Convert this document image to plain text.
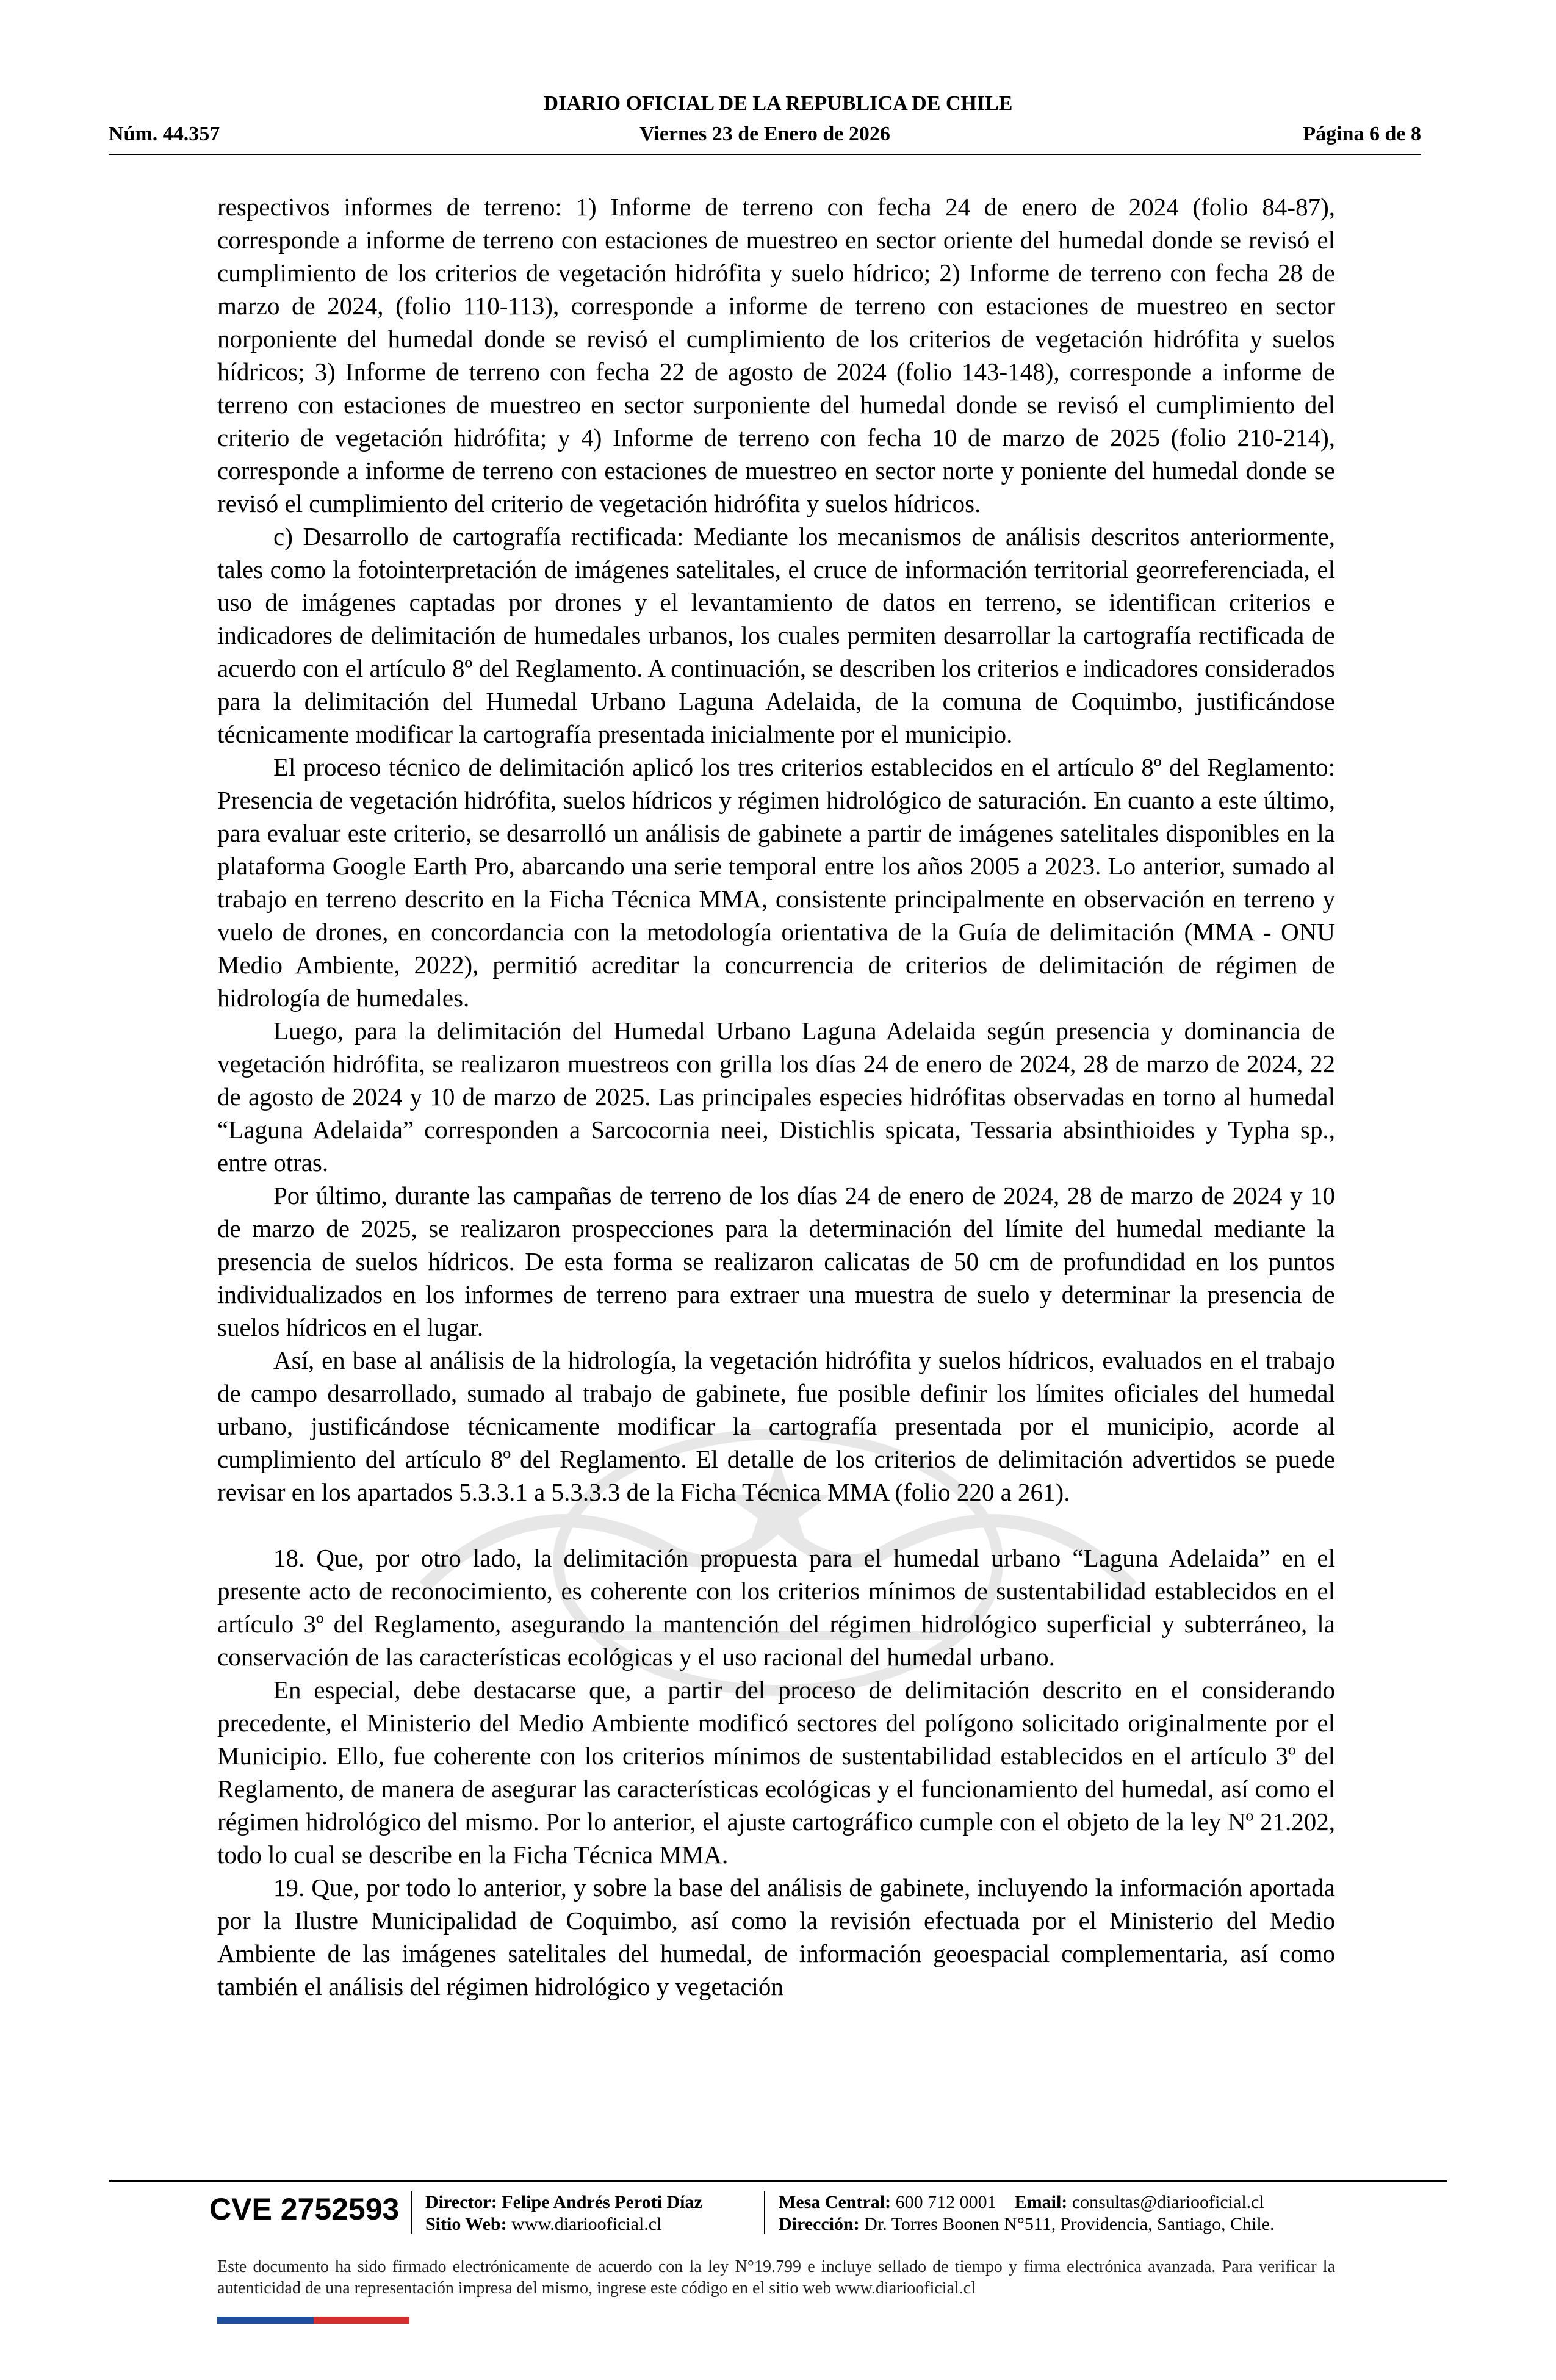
DIARIO OFICIAL DE LA REPUBLICA DE CHILE
Núm. 44.357	Viernes 23 de Enero de 2026	Página 6 de 8

respectivos informes de terreno: 1) Informe de terreno con fecha 24 de enero de 2024 (folio 84-87), corresponde a informe de terreno con estaciones de muestreo en sector oriente del humedal donde se revisó el cumplimiento de los criterios de vegetación hidrófita y suelo hídrico; 2) Informe de terreno con fecha 28 de marzo de 2024, (folio 110-113), corresponde a informe de terreno con estaciones de muestreo en sector norponiente del humedal donde se revisó el cumplimiento de los criterios de vegetación hidrófita y suelos hídricos; 3) Informe de terreno con fecha 22 de agosto de 2024 (folio 143-148), corresponde a informe de terreno con estaciones de muestreo en sector surponiente del humedal donde se revisó el cumplimiento del criterio de vegetación hidrófita; y 4) Informe de terreno con fecha 10 de marzo de 2025 (folio 210-214), corresponde a informe de terreno con estaciones de muestreo en sector norte y poniente del humedal donde se revisó el cumplimiento del criterio de vegetación hidrófita y suelos hídricos.

c) Desarrollo de cartografía rectificada: Mediante los mecanismos de análisis descritos anteriormente, tales como la fotointerpretación de imágenes satelitales, el cruce de información territorial georreferenciada, el uso de imágenes captadas por drones y el levantamiento de datos en terreno, se identifican criterios e indicadores de delimitación de humedales urbanos, los cuales permiten desarrollar la cartografía rectificada de acuerdo con el artículo 8º del Reglamento. A continuación, se describen los criterios e indicadores considerados para la delimitación del Humedal Urbano Laguna Adelaida, de la comuna de Coquimbo, justificándose técnicamente modificar la cartografía presentada inicialmente por el municipio.

El proceso técnico de delimitación aplicó los tres criterios establecidos en el artículo 8º del Reglamento: Presencia de vegetación hidrófita, suelos hídricos y régimen hidrológico de saturación. En cuanto a este último, para evaluar este criterio, se desarrolló un análisis de gabinete a partir de imágenes satelitales disponibles en la plataforma Google Earth Pro, abarcando una serie temporal entre los años 2005 a 2023. Lo anterior, sumado al trabajo en terreno descrito en la Ficha Técnica MMA, consistente principalmente en observación en terreno y vuelo de drones, en concordancia con la metodología orientativa de la Guía de delimitación (MMA - ONU Medio Ambiente, 2022), permitió acreditar la concurrencia de criterios de delimitación de régimen de hidrología de humedales.

Luego, para la delimitación del Humedal Urbano Laguna Adelaida según presencia y dominancia de vegetación hidrófita, se realizaron muestreos con grilla los días 24 de enero de 2024, 28 de marzo de 2024, 22 de agosto de 2024 y 10 de marzo de 2025. Las principales especies hidrófitas observadas en torno al humedal “Laguna Adelaida” corresponden a Sarcocornia neei, Distichlis spicata, Tessaria absinthioides y Typha sp., entre otras.

Por último, durante las campañas de terreno de los días 24 de enero de 2024, 28 de marzo de 2024 y 10 de marzo de 2025, se realizaron prospecciones para la determinación del límite del humedal mediante la presencia de suelos hídricos. De esta forma se realizaron calicatas de 50 cm de profundidad en los puntos individualizados en los informes de terreno para extraer una muestra de suelo y determinar la presencia de suelos hídricos en el lugar.

Así, en base al análisis de la hidrología, la vegetación hidrófita y suelos hídricos, evaluados en el trabajo de campo desarrollado, sumado al trabajo de gabinete, fue posible definir los límites oficiales del humedal urbano, justificándose técnicamente modificar la cartografía presentada por el municipio, acorde al cumplimiento del artículo 8º del Reglamento. El detalle de los criterios de delimitación advertidos se puede revisar en los apartados 5.3.3.1 a 5.3.3.3 de la Ficha Técnica MMA (folio 220 a 261).

18. Que, por otro lado, la delimitación propuesta para el humedal urbano “Laguna Adelaida” en el presente acto de reconocimiento, es coherente con los criterios mínimos de sustentabilidad establecidos en el artículo 3º del Reglamento, asegurando la mantención del régimen hidrológico superficial y subterráneo, la conservación de las características ecológicas y el uso racional del humedal urbano.

En especial, debe destacarse que, a partir del proceso de delimitación descrito en el considerando precedente, el Ministerio del Medio Ambiente modificó sectores del polígono solicitado originalmente por el Municipio. Ello, fue coherente con los criterios mínimos de sustentabilidad establecidos en el artículo 3º del Reglamento, de manera de asegurar las características ecológicas y el funcionamiento del humedal, así como el régimen hidrológico del mismo. Por lo anterior, el ajuste cartográfico cumple con el objeto de la ley Nº 21.202, todo lo cual se describe en la Ficha Técnica MMA.

19. Que, por todo lo anterior, y sobre la base del análisis de gabinete, incluyendo la información aportada por la Ilustre Municipalidad de Coquimbo, así como la revisión efectuada por el Ministerio del Medio Ambiente de las imágenes satelitales del humedal, de información geoespacial complementaria, así como también el análisis del régimen hidrológico y vegetación

CVE 2752593 Director: Felipe Andrés Peroti Díaz
Sitio Web: www.diariooficial.cl
Mesa Central: 600 712 0001 Email: consultas@diariooficial.cl
Dirección: Dr. Torres Boonen N°511, Providencia, Santiago, Chile.
Este documento ha sido firmado electrónicamente de acuerdo con la ley N°19.799 e incluye sellado de tiempo y firma electrónica avanzada. Para verificar la autenticidad de una representación impresa del mismo, ingrese este código en el sitio web www.diariooficial.cl
